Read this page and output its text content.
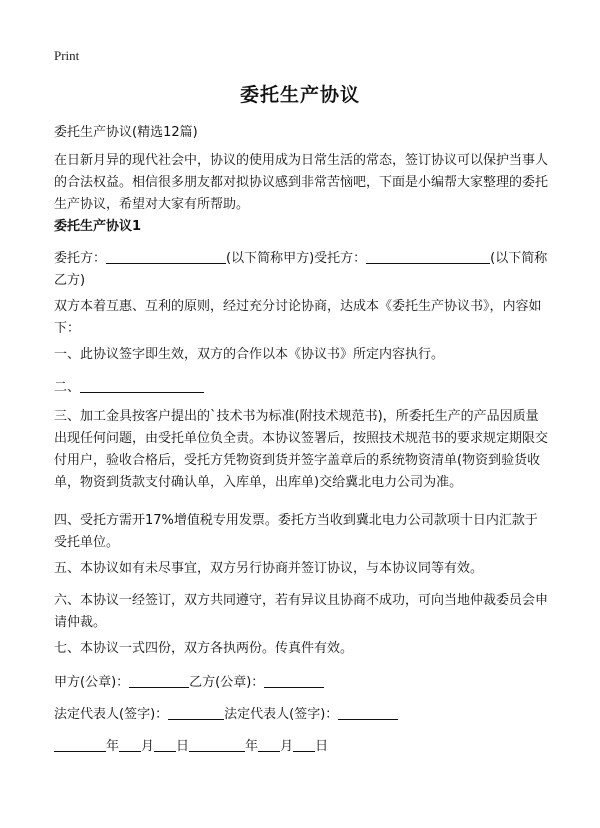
Print
委托生产协议

委托生产协议(精选12篇)

在日新月异的现代社会中，协议的使用成为日常生活的常态，签订协议可以保护当事人的合法权益。相信很多朋友都对拟协议感到非常苦恼吧，下面是小编帮大家整理的委托生产协议，希望对大家有所帮助。

委托生产协议1

委托方：	(以下简称甲方)受托方：	(以下简称乙方)

双方本着互惠、互利的原则，经过充分讨论协商，达成本《委托生产协议书》，内容如下：

一、此协议签字即生效，双方的合作以本《协议书》所定内容执行。

二、

三、加工金具按客户提出的`技术书为标准(附技术规范书)，所委托生产的产品因质量出现任何问题，由受托单位负全责。本协议签署后，按照技术规范书的要求规定期限交付用户，验收合格后，受托方凭物资到货并签字盖章后的系统物资清单(物资到验货收单，物资到货款支付确认单，入库单，出库单)交给冀北电力公司为准。

四、受托方需开17%增值税专用发票。委托方当收到冀北电力公司款项十日内汇款于受托单位。

五、本协议如有未尽事宜，双方另行协商并签订协议，与本协议同等有效。

六、本协议一经签订，双方共同遵守，若有异议且协商不成功，可向当地仲裁委员会申请仲裁。

七、本协议一式四份，双方各执两份。传真件有效。

甲方(公章)：	乙方(公章)：

法定代表人(签字)：	法定代表人(签字)：

年 月 日	年 月 日
